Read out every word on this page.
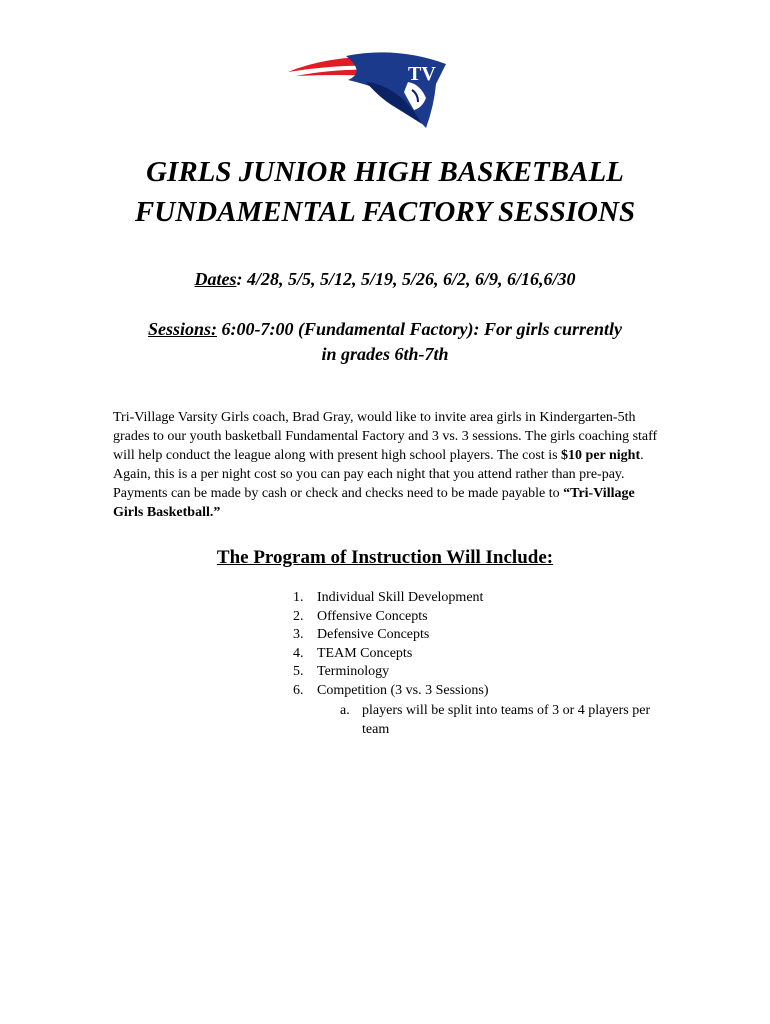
TV
GIRLS JUNIOR HIGH BASKETBALL
FUNDAMENTAL FACTORY SESSIONS
Dates: 4/28, 5/5, 5/12, 5/19, 5/26, 6/2, 6/9, 6/16,6/30
Sessions: 6:00-7:00 (Fundamental Factory): For girls currently
in grades 6th-7th
Tri-Village Varsity Girls coach, Brad Gray, would like to invite area girls in Kindergarten-5th grades to our youth basketball Fundamental Factory and 3 vs. 3 sessions. The girls coaching staff will help conduct the league along with present high school players. The cost is $10 per night. Again, this is a per night cost so you can pay each night that you attend rather than pre-pay. Payments can be made by cash or check and checks need to be made payable to “Tri-Village Girls Basketball.”
The Program of Instruction Will Include:
1. Individual Skill Development
2. Offensive Concepts
3. Defensive Concepts
4. TEAM Concepts
5. Terminology
6. Competition (3 vs. 3 Sessions)
a. players will be split into teams of 3 or 4 players per team
